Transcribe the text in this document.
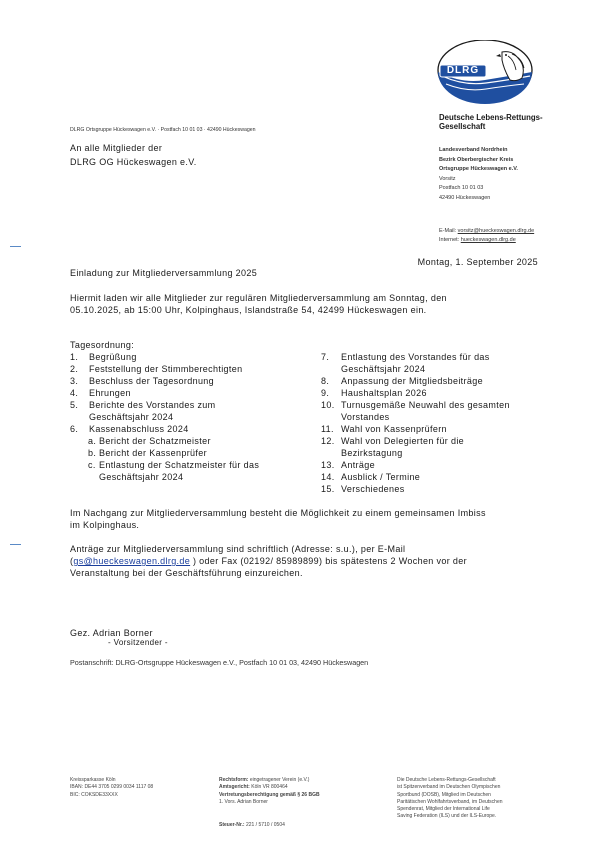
DLRG
Deutsche Lebens-Rettungs-
Gesellschaft
DLRG Ortsgruppe Hückeswagen e.V. · Postfach 10 01 03 · 42490 Hückeswagen
An alle Mitglieder der
DLRG OG Hückeswagen e.V.
Landesverband Nordrhein
Bezirk Oberbergischer Kreis
Ortsgruppe Hückeswagen e.V.
Vorsitz
Postfach 10 01 03
42490 Hückeswagen
E-Mail: vorsitz@hueckeswagen.dlrg.de
Internet: hueckeswagen.dlrg.de
Montag, 1. September 2025
Einladung zur Mitgliederversammlung 2025
Hiermit laden wir alle Mitglieder zur regulären Mitgliederversammlung am Sonntag, den
05.10.2025, ab 15:00 Uhr, Kolpinghaus, Islandstraße 54, 42499 Hückeswagen ein.
Tagesordnung:
1. Begrüßung
2. Feststellung der Stimmberechtigten
3. Beschluss der Tagesordnung
4. Ehrungen
5. Berichte des Vorstandes zum
Geschäftsjahr 2024
6. Kassenabschluss 2024
a. Bericht der Schatzmeister
b. Bericht der Kassenprüfer
c. Entlastung der Schatzmeister für das
Geschäftsjahr 2024
7. Entlastung des Vorstandes für das
Geschäftsjahr 2024
8. Anpassung der Mitgliedsbeiträge
9. Haushaltsplan 2026
10. Turnusgemäße Neuwahl des gesamten
Vorstandes
11. Wahl von Kassenprüfern
12. Wahl von Delegierten für die
Bezirkstagung
13. Anträge
14. Ausblick / Termine
15. Verschiedenes
Im Nachgang zur Mitgliederversammlung besteht die Möglichkeit zu einem gemeinsamen Imbiss
im Kolpinghaus.
Anträge zur Mitgliederversammlung sind schriftlich (Adresse: s.u.), per E-Mail
(gs@hueckeswagen.dlrg.de ) oder Fax (02192/ 85989899) bis spätestens 2 Wochen vor der
Veranstaltung bei der Geschäftsführung einzureichen.
Gez. Adrian Borner
- Vorsitzender -
Postanschrift: DLRG-Ortsgruppe Hückeswagen e.V., Postfach 10 01 03, 42490 Hückeswagen
Kreissparkasse Köln
IBAN: DE44 3705 0299 0034 1117 08
BIC: COKSDE33XXX
Rechtsform: eingetragener Verein (e.V.)
Amtsgericht: Köln VR 800464
Vertretungsberechtigung gemäß § 26 BGB
1. Vors. Adrian Borner
Steuer-Nr.: 221 / 5710 / 0504
Die Deutsche Lebens-Rettungs-Gesellschaft
ist Spitzenverband im Deutschen Olympischen
Sportbund (DOSB), Mitglied im Deutschen
Paritätischen Wohlfahrtsverband, im Deutschen
Spendenrat, Mitglied der International Life
Saving Federation (ILS) und der ILS-Europe.
